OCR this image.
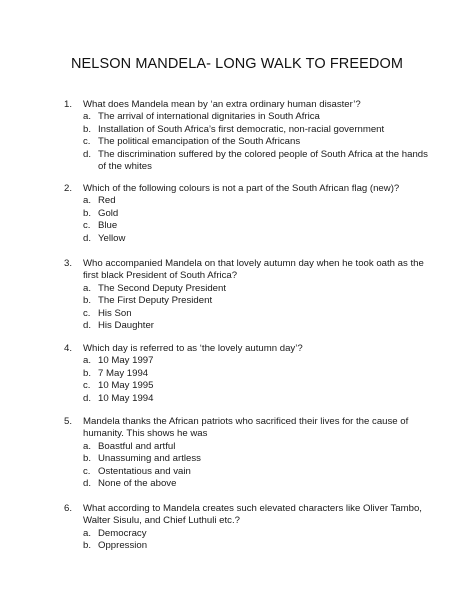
NELSON MANDELA- LONG WALK TO FREEDOM
1. What does Mandela mean by ‘an extra ordinary human disaster’?
a. The arrival of international dignitaries in South Africa
b. Installation of South Africa’s first democratic, non-racial government
c. The political emancipation of the South Africans
d. The discrimination suffered by the colored people of South Africa at the hands of the whites
2. Which of the following colours is not a part of the South African flag (new)?
a. Red
b. Gold
c. Blue
d. Yellow
3. Who accompanied Mandela on that lovely autumn day when he took oath as the first black President of South Africa?
a. The Second Deputy President
b. The First Deputy President
c. His Son
d. His Daughter
4. Which day is referred to as ‘the lovely autumn day’?
a. 10 May 1997
b. 7 May 1994
c. 10 May 1995
d. 10 May 1994
5. Mandela thanks the African patriots who sacrificed their lives for the cause of humanity. This shows he was
a. Boastful and artful
b. Unassuming and artless
c. Ostentatious and vain
d. None of the above
6. What according to Mandela creates such elevated characters like Oliver Tambo, Walter Sisulu, and Chief Luthuli etc.?
a. Democracy
b. Oppression
